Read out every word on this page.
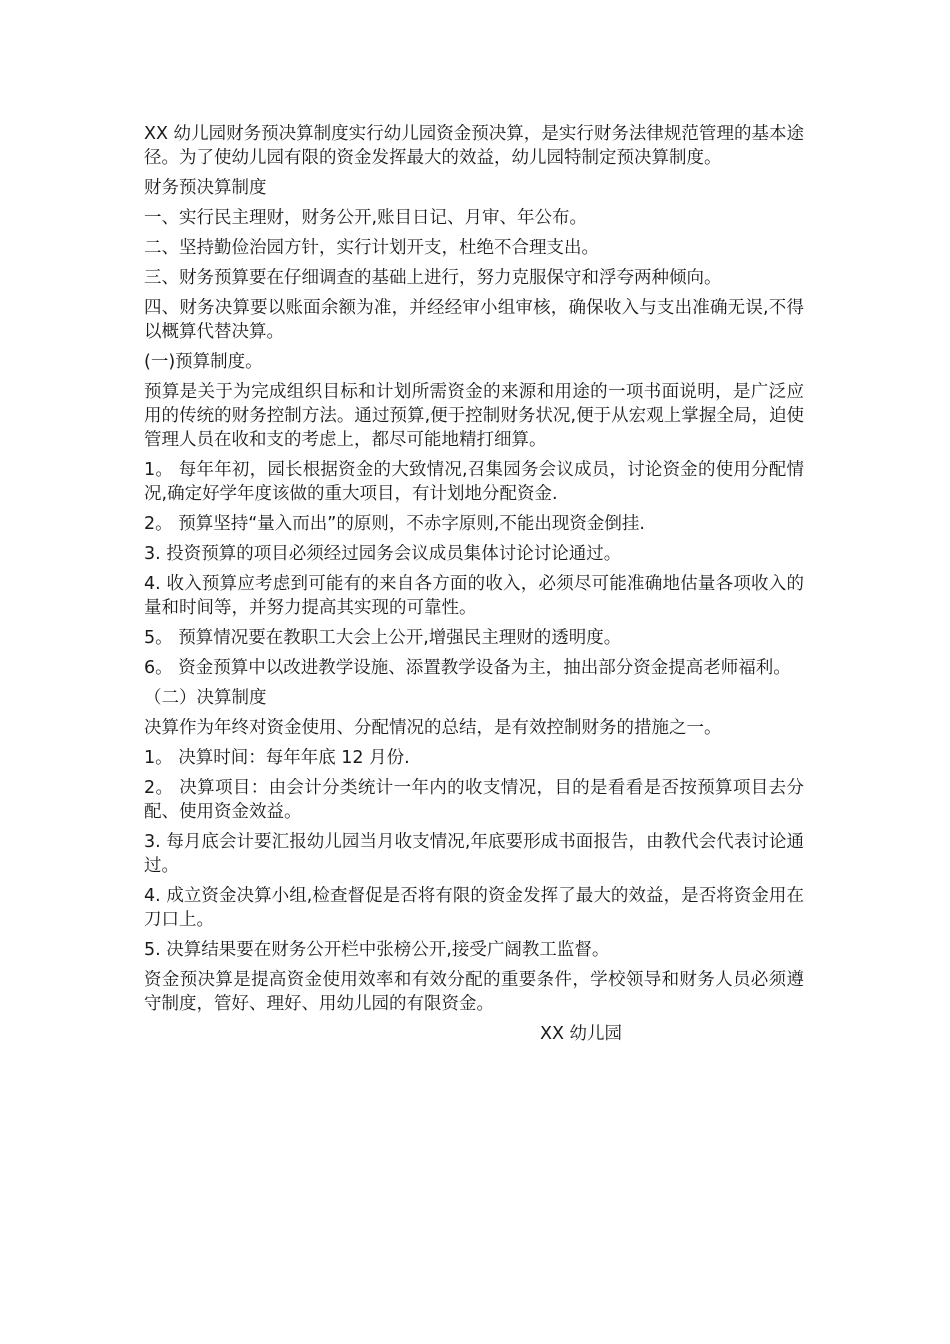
XX 幼儿园财务预决算制度实行幼儿园资金预决算，是实行财务法律规范管理的基本途径。为了使幼儿园有限的资金发挥最大的效益，幼儿园特制定预决算制度。

财务预决算制度

一、实行民主理财，财务公开,账目日记、月审、年公布。

二、坚持勤俭治园方针，实行计划开支，杜绝不合理支出。

三、财务预算要在仔细调查的基础上进行，努力克服保守和浮夸两种倾向。

四、财务决算要以账面余额为准，并经经审小组审核，确保收入与支出准确无误,不得以概算代替决算。

(一)预算制度。

预算是关于为完成组织目标和计划所需资金的来源和用途的一项书面说明，是广泛应用的传统的财务控制方法。通过预算,便于控制财务状况,便于从宏观上掌握全局，迫使管理人员在收和支的考虑上，都尽可能地精打细算。

1。 每年年初，园长根据资金的大致情况,召集园务会议成员，讨论资金的使用分配情况,确定好学年度该做的重大项目，有计划地分配资金.

2。 预算坚持“量入而出”的原则，不赤字原则,不能出现资金倒挂.

3. 投资预算的项目必须经过园务会议成员集体讨论讨论通过。

4. 收入预算应考虑到可能有的来自各方面的收入，必须尽可能准确地估量各项收入的量和时间等，并努力提高其实现的可靠性。

5。 预算情况要在教职工大会上公开,增强民主理财的透明度。

6。 资金预算中以改进教学设施、添置教学设备为主，抽出部分资金提高老师福利。

（二）决算制度

决算作为年终对资金使用、分配情况的总结，是有效控制财务的措施之一。

1。 决算时间：每年年底 12 月份.

2。 决算项目：由会计分类统计一年内的收支情况，目的是看看是否按预算项目去分配、使用资金效益。

3. 每月底会计要汇报幼儿园当月收支情况,年底要形成书面报告，由教代会代表讨论通过。

4. 成立资金决算小组,检查督促是否将有限的资金发挥了最大的效益，是否将资金用在刀口上。

5. 决算结果要在财务公开栏中张榜公开,接受广阔教工监督。

资金预决算是提高资金使用效率和有效分配的重要条件，学校领导和财务人员必须遵守制度，管好、理好、用幼儿园的有限资金。

XX 幼儿园
